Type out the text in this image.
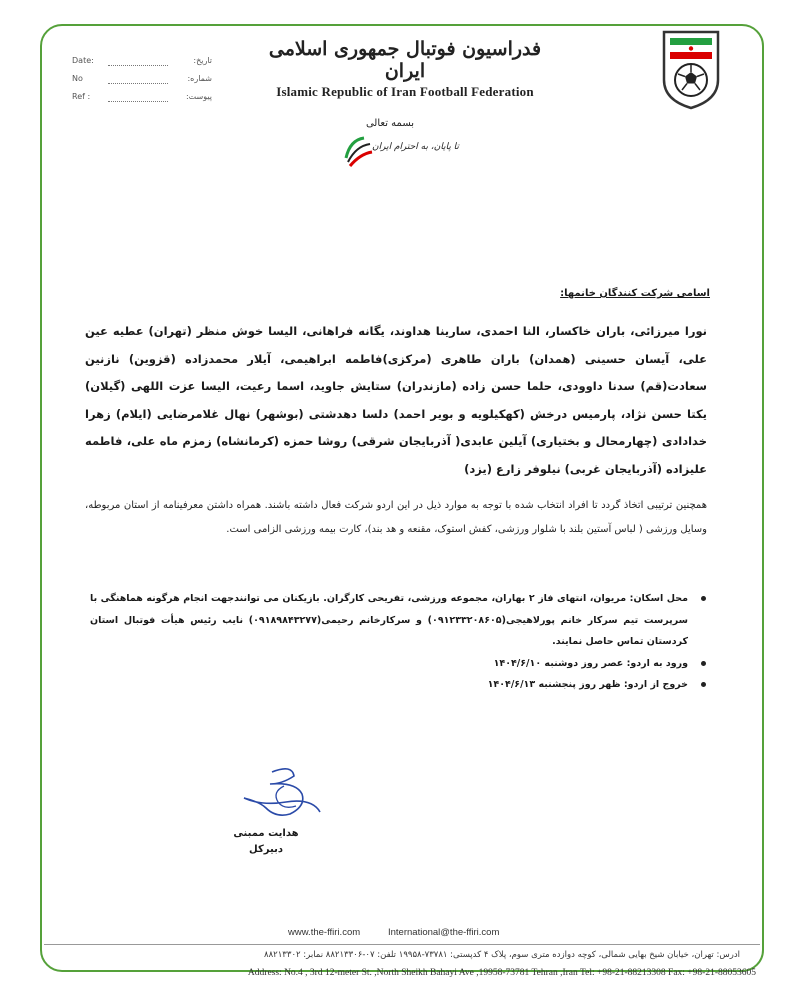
Date:	تاریخ:
No	شماره:
Ref :	پیوست:
فدراسیون فوتبال جمهوری اسلامی ایران
Islamic Republic of Iran Football Federation
بسمه تعالی
تا پایان، به احترام ایران
اسامی شرکت کنندگان خانمها:
نورا میرزائی، باران خاکسار، النا احمدی، سارینا هداوند، یگانه فراهانی، الیسا خوش منظر (تهران) عطیه عین علی، آیسان حسینی (همدان) باران طاهری (مرکزی)فاطمه ابراهیمی، آیلار محمدزاده (قزوین) نازنین سعادت(قم) سدنا داوودی، حلما حسن زاده (مازندران) ستایش جاوید، اسما رعیت، الیسا عزت اللهی (گیلان) یکتا حسن نژاد، پارمیس درخش (کهکیلویه و بویر احمد) دلسا دهدشتی (بوشهر) نهال غلامرضایی (ایلام) زهرا خدادادی (چهارمحال و بختیاری) آیلین عابدی( آذربایجان شرقی) روشا حمزه (کرمانشاه) زمزم ماه علی، فاطمه علیزاده (آذربایجان غربی) نیلوفر زارع (یزد)
همچنین ترتیبی اتخاذ گردد تا افراد انتخاب شده با توجه به موارد ذیل در این اردو شرکت فعال داشته باشند. همراه داشتن معرفینامه از استان مربوطه، وسایل ورزشی ( لباس آستین بلند با شلوار ورزشی، کفش استوک، مقنعه و هد بند)، کارت بیمه ورزشی الزامی است.
محل اسکان: مریوان، انتهای فاز ۲ بهاران، مجموعه ورزشی، تفریحی کارگران. بازیکنان می توانندجهت انجام هرگونه هماهنگی با سرپرست تیم سرکار خانم پورلاهیجی(۰۹۱۲۳۳۲۰۸۶۰۵) و سرکارخانم رحیمی(۰۹۱۸۹۸۴۳۲۷۷) نایب رئیس هیأت فوتبال استان کردستان تماس حاصل نمایند.
ورود به اردو: عصر روز دوشنبه ۱۴۰۴/۶/۱۰
خروج از اردو: ظهر روز پنجشنبه ۱۴۰۴/۶/۱۳
هدایت ممبنی
دبیرکل
www.the-ffiri.com	International@the-ffiri.com
آدرس: تهران، خیابان شیخ بهایی شمالی، کوچه دوازده متری سوم، پلاک ۴ کدپستی: ۷۳۷۸۱-۱۹۹۵۸ تلفن: ۰۷-۸۸۲۱۳۳۰۶ نمابر: ۸۸۲۱۳۳۰۲
Address: No.4 , 3rd 12-meter St. ,North Sheikh Bahayi Ave ,19958-73781 Tehran ,Iran Tel: +98-21-88213308 Fax: +98-21-88053605
